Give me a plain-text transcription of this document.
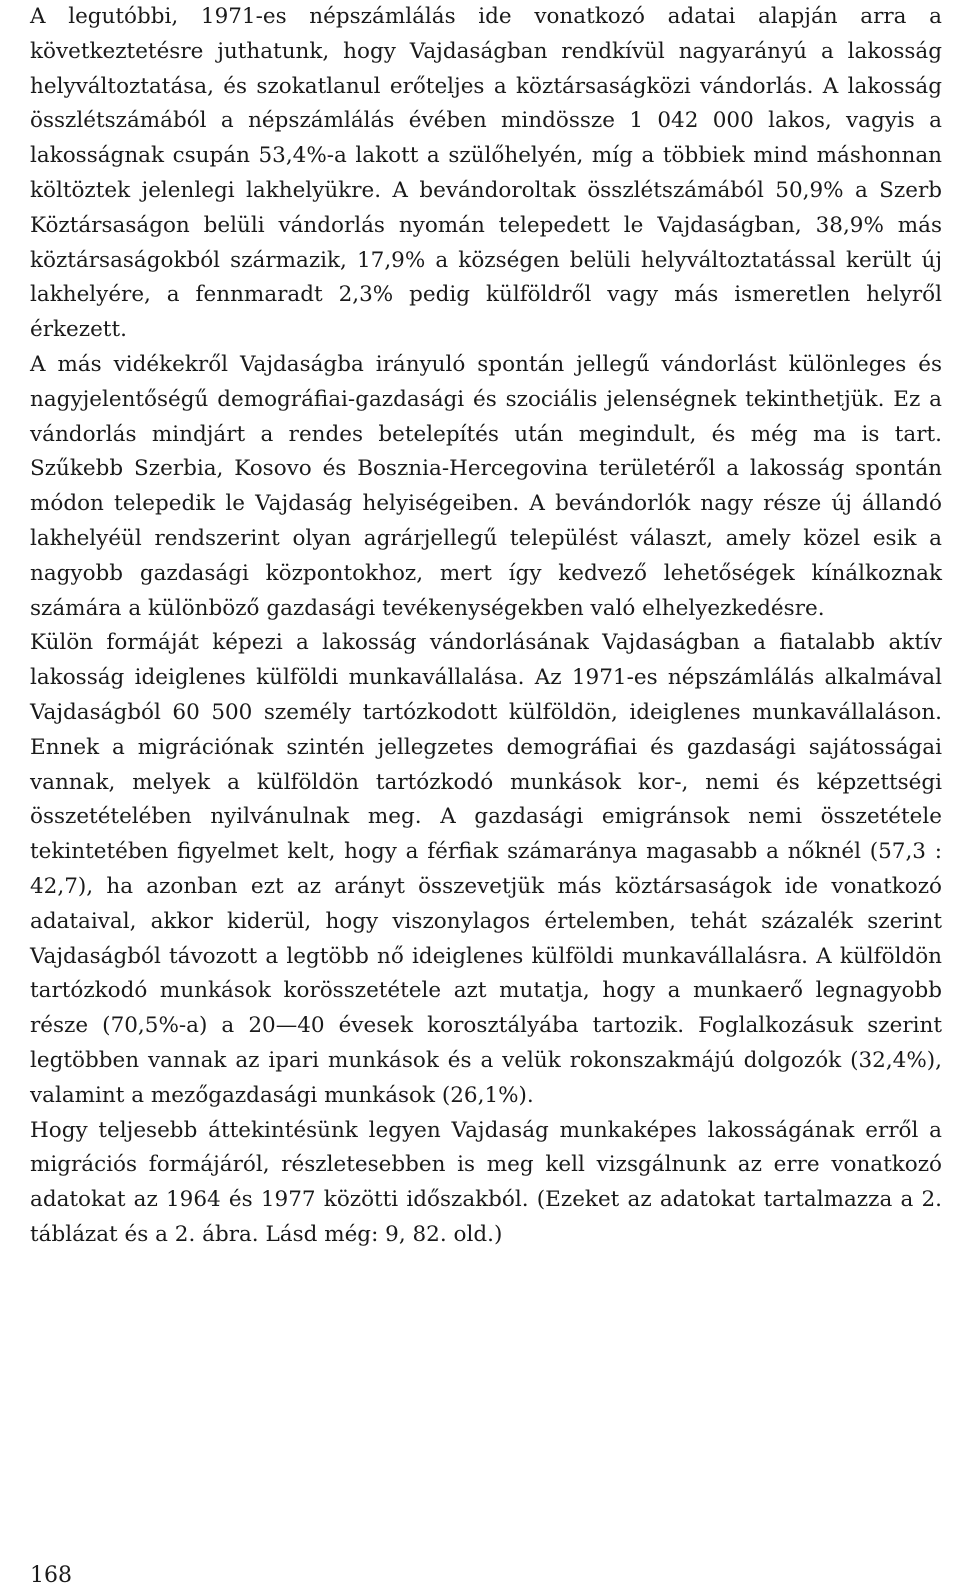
A legutóbbi, 1971-es népszámlálás ide vonatkozó adatai alapján arra a következtetésre juthatunk, hogy Vajdaságban rendkívül nagyarányú a lakosság helyváltoztatása, és szokatlanul erőteljes a köztársaságközi vándorlás. A lakosság összlétszámából a népszámlálás évében mindössze 1 042 000 lakos, vagyis a lakosságnak csupán 53,4%-a lakott a szülőhelyén, míg a többiek mind máshonnan költöztek jelenlegi lakhelyükre. A bevándoroltak összlétszámából 50,9% a Szerb Köztársaságon belüli vándorlás nyomán telepedett le Vajdaságban, 38,9% más köztársaságokból származik, 17,9% a községen belüli helyváltoztatással került új lakhelyére, a fennmaradt 2,3% pedig külföldről vagy más ismeretlen helyről érkezett.

A más vidékekről Vajdaságba irányuló spontán jellegű vándorlást különleges és nagyjelentőségű demográfiai-gazdasági és szociális jelenségnek tekinthetjük. Ez a vándorlás mindjárt a rendes betelepítés után megindult, és még ma is tart. Szűkebb Szerbia, Kosovo és Bosznia-Hercegovina területéről a lakosság spontán módon telepedik le Vajdaság helyiségeiben. A bevándorlók nagy része új állandó lakhelyéül rendszerint olyan agrárjellegű települést választ, amely közel esik a nagyobb gazdasági központokhoz, mert így kedvező lehetőségek kínálkoznak számára a különböző gazdasági tevékenységekben való elhelyezkedésre.

Külön formáját képezi a lakosság vándorlásának Vajdaságban a fiatalabb aktív lakosság ideiglenes külföldi munkavállalása. Az 1971-es népszámlálás alkalmával Vajdaságból 60 500 személy tartózkodott külföldön, ideiglenes munkavállaláson. Ennek a migrációnak szintén jellegzetes demográfiai és gazdasági sajátosságai vannak, melyek a külföldön tartózkodó munkások kor-, nemi és képzettségi összetételében nyilvánulnak meg. A gazdasági emigránsok nemi összetétele tekintetében figyelmet kelt, hogy a férfiak számaránya magasabb a nőknél (57,3 : 42,7), ha azonban ezt az arányt összevetjük más köztársaságok ide vonatkozó adataival, akkor kiderül, hogy viszonylagos értelemben, tehát százalék szerint Vajdaságból távozott a legtöbb nő ideiglenes külföldi munkavállalásra. A külföldön tartózkodó munkások korösszetétele azt mutatja, hogy a munkaerő legnagyobb része (70,5%-a) a 20—40 évesek korosztályába tartozik. Foglalkozásuk szerint legtöbben vannak az ipari munkások és a velük rokonszakmájú dolgozók (32,4%), valamint a mezőgazdasági munkások (26,1%).

Hogy teljesebb áttekintésünk legyen Vajdaság munkaképes lakosságának erről a migrációs formájáról, részletesebben is meg kell vizsgálnunk az erre vonatkozó adatokat az 1964 és 1977 közötti időszakból. (Ezeket az adatokat tartalmazza a 2. táblázat és a 2. ábra. Lásd még: 9, 82. old.)

168
